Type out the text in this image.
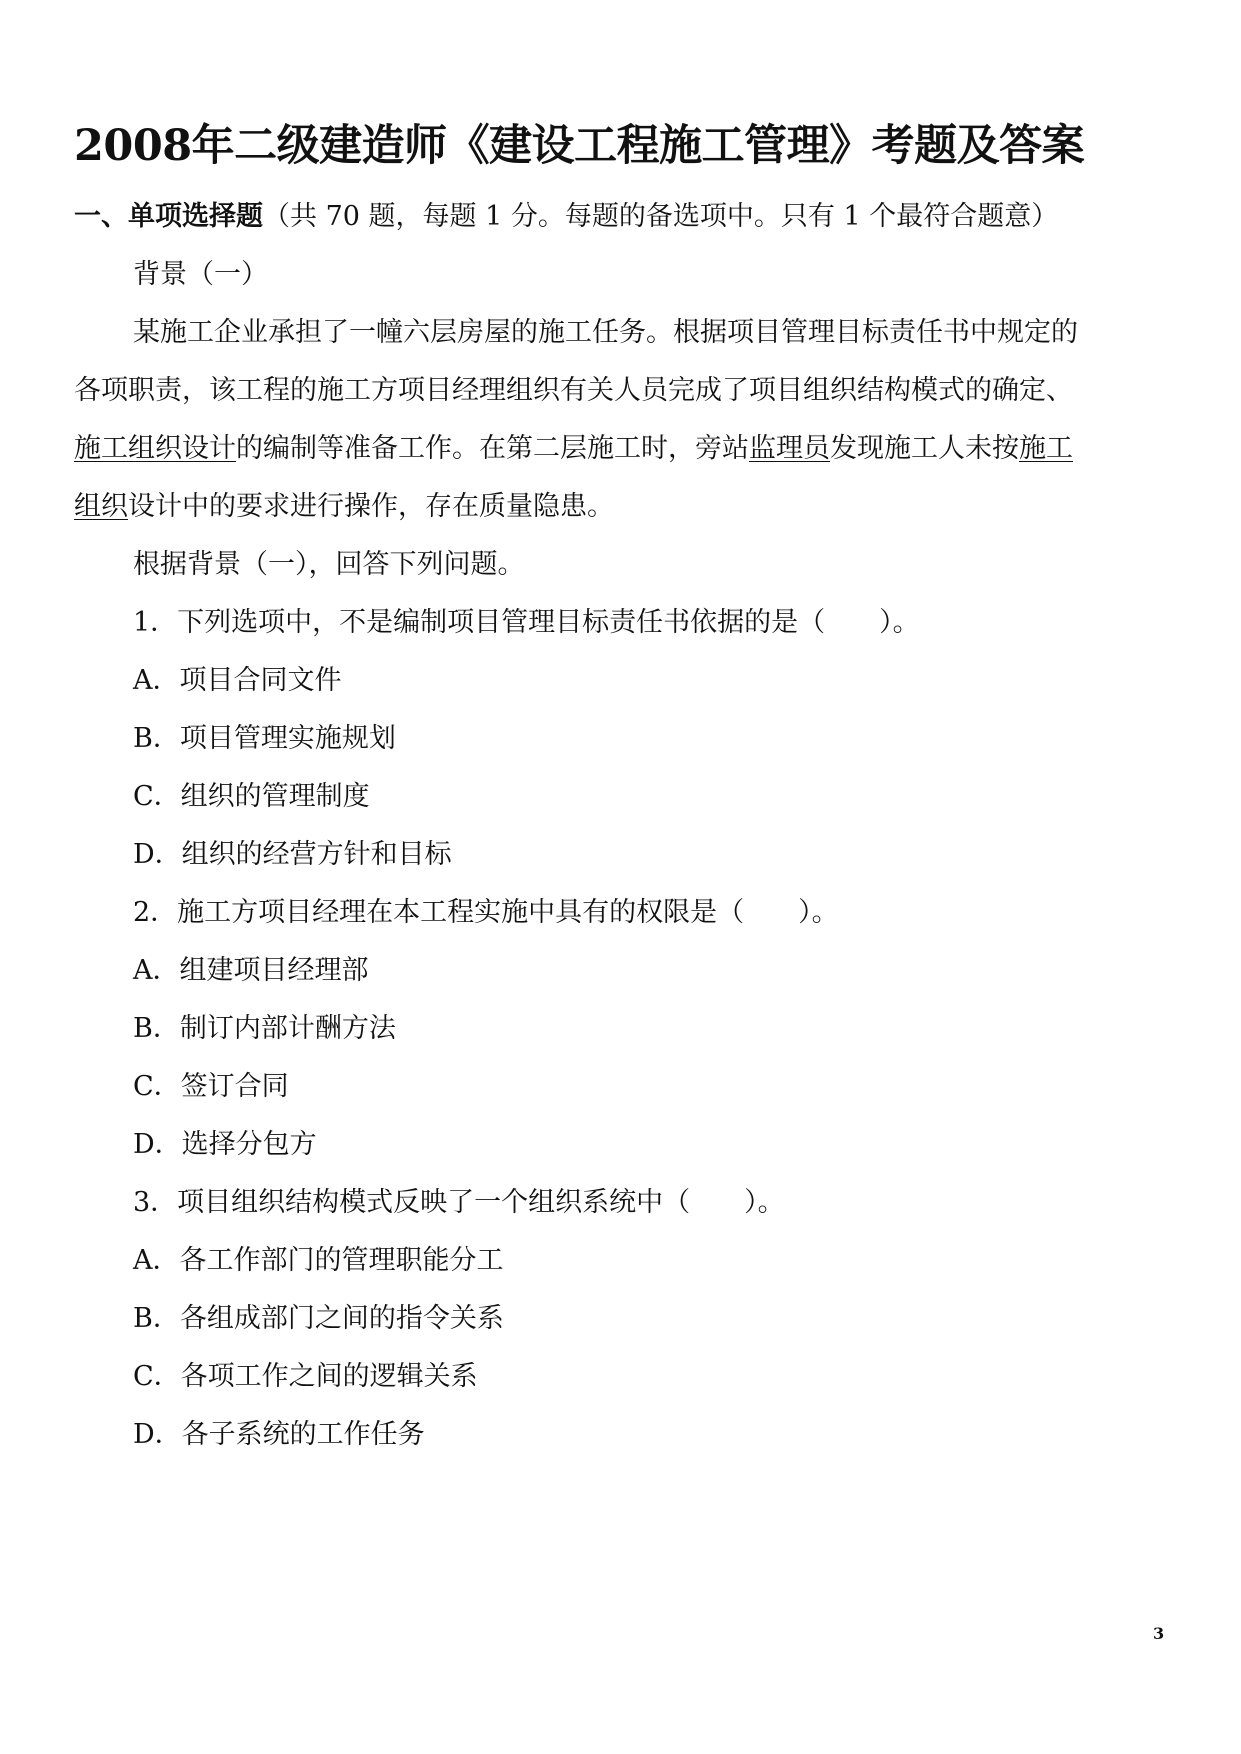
2008年二级建造师《建设工程施工管理》考题及答案
一、单项选择题（共 70 题，每题 1 分。每题的备选项中。只有 1 个最符合题意）
背景（一）
某施工企业承担了一幢六层房屋的施工任务。根据项目管理目标责任书中规定的
各项职责，该工程的施工方项目经理组织有关人员完成了项目组织结构模式的确定、
施工组织设计的编制等准备工作。在第二层施工时，旁站监理员发现施工人未按施工
组织设计中的要求进行操作，存在质量隐患。
根据背景（一），回答下列问题。
1．下列选项中，不是编制项目管理目标责任书依据的是（　　）。
A．项目合同文件
B．项目管理实施规划
C．组织的管理制度
D．组织的经营方针和目标
2．施工方项目经理在本工程实施中具有的权限是（　　）。
A．组建项目经理部
B．制订内部计酬方法
C．签订合同
D．选择分包方
3．项目组织结构模式反映了一个组织系统中（　　）。
A．各工作部门的管理职能分工
B．各组成部门之间的指令关系
C．各项工作之间的逻辑关系
D．各子系统的工作任务
3
